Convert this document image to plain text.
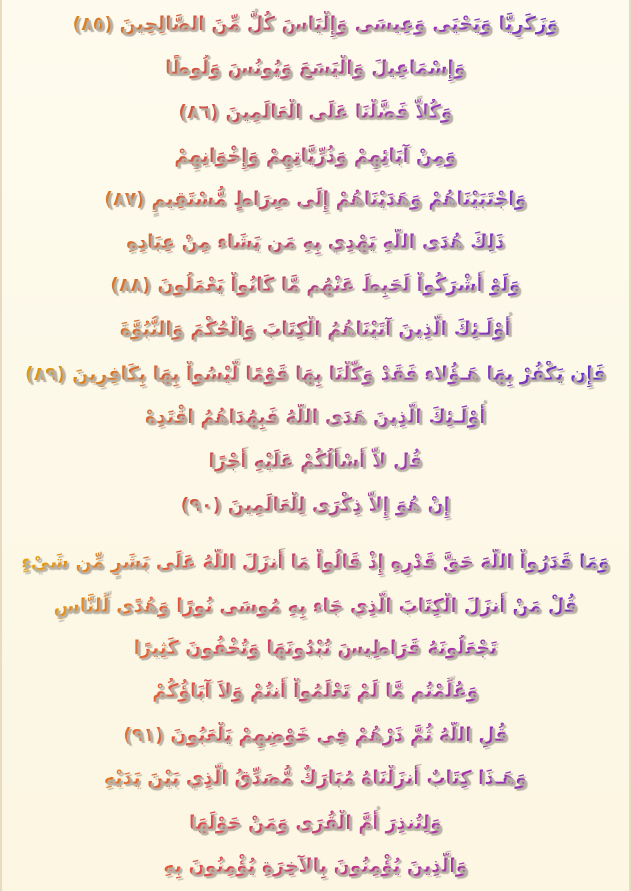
وَزَكَرِيَّا وَيَحْيَى وَعِيسَى وَإِلْيَاسَ كُلٌّ مِّنَ الصَّالِحِينَ (٨٥)
وَإِسْمَاعِيلَ وَالْيَسَعَ وَيُونُسَ وَلُوطًا
وَكُلاًّ فَضَّلْنَا عَلَى الْعَالَمِينَ (٨٦)
وَمِنْ آبَائِهِمْ وَذُرِّيَّاتِهِمْ وَإِخْوَانِهِمْ
وَاجْتَبَيْنَاهُمْ وَهَدَيْنَاهُمْ إِلَى صِرَاطٍ مُّسْتَقِيمٍ (٨٧)
ذَلِكَ هُدَى اللّهِ يَهْدِي بِهِ مَن يَشَاء مِنْ عِبَادِهِ
وَلَوْ أَشْرَكُواْ لَحَبِطَ عَنْهُم مَّا كَانُواْ يَعْمَلُونَ (٨٨)
أُوْلَـئِكَ الَّذِينَ آتَيْنَاهُمُ الْكِتَابَ وَالْحُكْمَ وَالنُّبُوَّةَ
فَإِن يَكْفُرْ بِهَا هَـؤُلاء فَقَدْ وَكَّلْنَا بِهَا قَوْمًا لَّيْسُواْ بِهَا بِكَافِرِينَ (٨٩)
أُوْلَـئِكَ الَّذِينَ هَدَى اللّهُ فَبِهُدَاهُمُ اقْتَدِهْ
قُل لاَّ أَسْأَلُكُمْ عَلَيْهِ أَجْرًا
إِنْ هُوَ إِلاَّ ذِكْرَى لِلْعَالَمِينَ (٩٠)
وَمَا قَدَرُواْ اللّهَ حَقَّ قَدْرِهِ إِذْ قَالُواْ مَا أَنزَلَ اللّهُ عَلَى بَشَرٍ مِّن شَيْءٍ
قُلْ مَنْ أَنزَلَ الْكِتَابَ الَّذِي جَاء بِهِ مُوسَى نُورًا وَهُدًى لِّلنَّاسِ
تَجْعَلُونَهُ قَرَاطِيسَ تُبْدُونَهَا وَتُخْفُونَ كَثِيرًا
وَعُلِّمْتُم مَّا لَمْ تَعْلَمُواْ أَنتُمْ وَلاَ آبَاؤُكُمْ
قُلِ اللّهُ ثُمَّ ذَرْهُمْ فِي خَوْضِهِمْ يَلْعَبُونَ (٩١)
وَهَـذَا كِتَابٌ أَنزَلْنَاهُ مُبَارَكٌ مُّصَدِّقُ الَّذِي بَيْنَ يَدَيْهِ
وَلِتُنذِرَ أُمَّ الْقُرَى وَمَنْ حَوْلَهَا
وَالَّذِينَ يُؤْمِنُونَ بِالآخِرَةِ يُؤْمِنُونَ بِهِ
